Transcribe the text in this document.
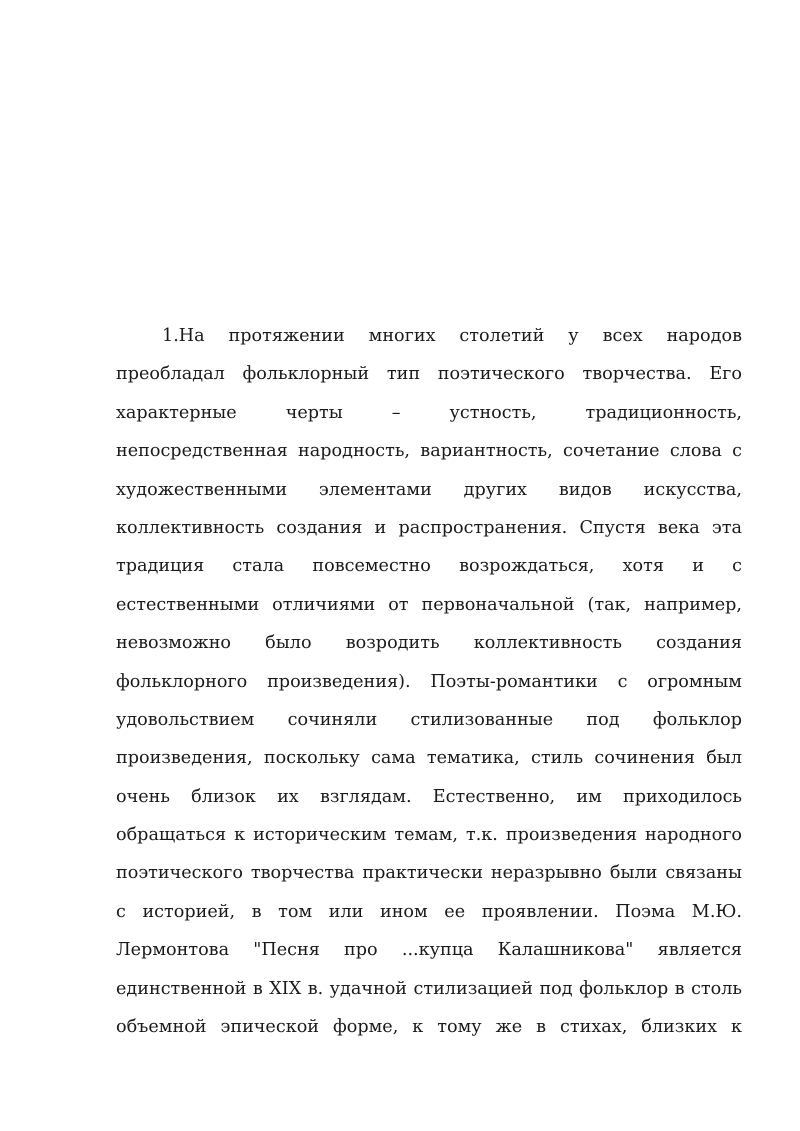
1.На протяжении многих столетий у всех народов
преобладал фольклорный тип поэтического творчества. Его
характерные черты – устность, традиционность,
непосредственная народность, вариантность, сочетание слова с
художественными элементами других видов искусства,
коллективность создания и распространения. Спустя века эта
традиция стала повсеместно возрождаться, хотя и с
естественными отличиями от первоначальной (так, например,
невозможно было возродить коллективность создания
фольклорного произведения). Поэты-романтики с огромным
удовольствием сочиняли стилизованные под фольклор
произведения, поскольку сама тематика, стиль сочинения был
очень близок их взглядам. Естественно, им приходилось
обращаться к историческим темам, т.к. произведения народного
поэтического творчества практически неразрывно были связаны
с историей, в том или ином ее проявлении. Поэма М.Ю.
Лермонтова "Песня про ...купца Калашникова" является
единственной в XIX в. удачной стилизацией под фольклор в столь
объемной эпической форме, к тому же в стихах, близких к
